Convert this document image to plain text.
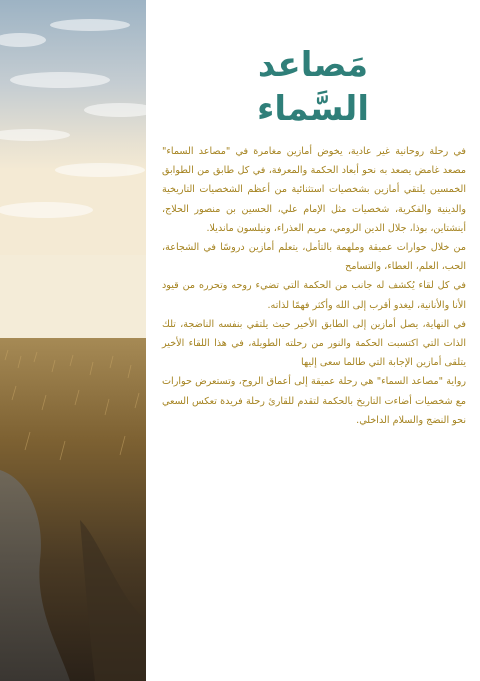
مَصاعد
السَّماء

في رحلة روحانية غير عادية، يخوض أمازين مغامرة في "مصاعد السماء" مصعد غامض يصعد به نحو أبعاد الحكمة والمعرفة، في كل طابق من الطوابق الخمسين يلتقي أمازين بشخصيات استثنائية من أعظم الشخصيات التاريخية والدينية والفكرية، شخصيات مثل الإمام علي، الحسين بن منصور الحلاج، أينشتاين، بوذا، جلال الدين الرومي، مريم العذراء، ونيلسون مانديلا.

من خلال حوارات عميقة وملهمة بالتأمل، يتعلم أمازين دروسًا في الشجاعة، الحب، العلم، العطاء، والتسامح

في كل لقاء يُكشف له جانب من الحكمة التي تضيء روحه وتحرره من قيود الأنا والأنانية، ليغدو أقرب إلى الله وأكثر فهمًا لذاته.

في النهاية، يصل أمازين إلى الطابق الأخير حيث يلتقي بنفسه الناضجة، تلك الذات التي اكتسبت الحكمة والنور من رحلته الطويلة، في هذا اللقاء الأخير يتلقى أمازين الإجابة التي طالما سعى إليها

رواية "مصاعد السماء" هي رحلة عميقة إلى أعماق الروح، وتستعرض حوارات مع شخصيات أضاءت التاريخ بالحكمة لتقدم للقارئ رحلة فريدة تعكس السعي نحو النضج والسلام الداخلي.
